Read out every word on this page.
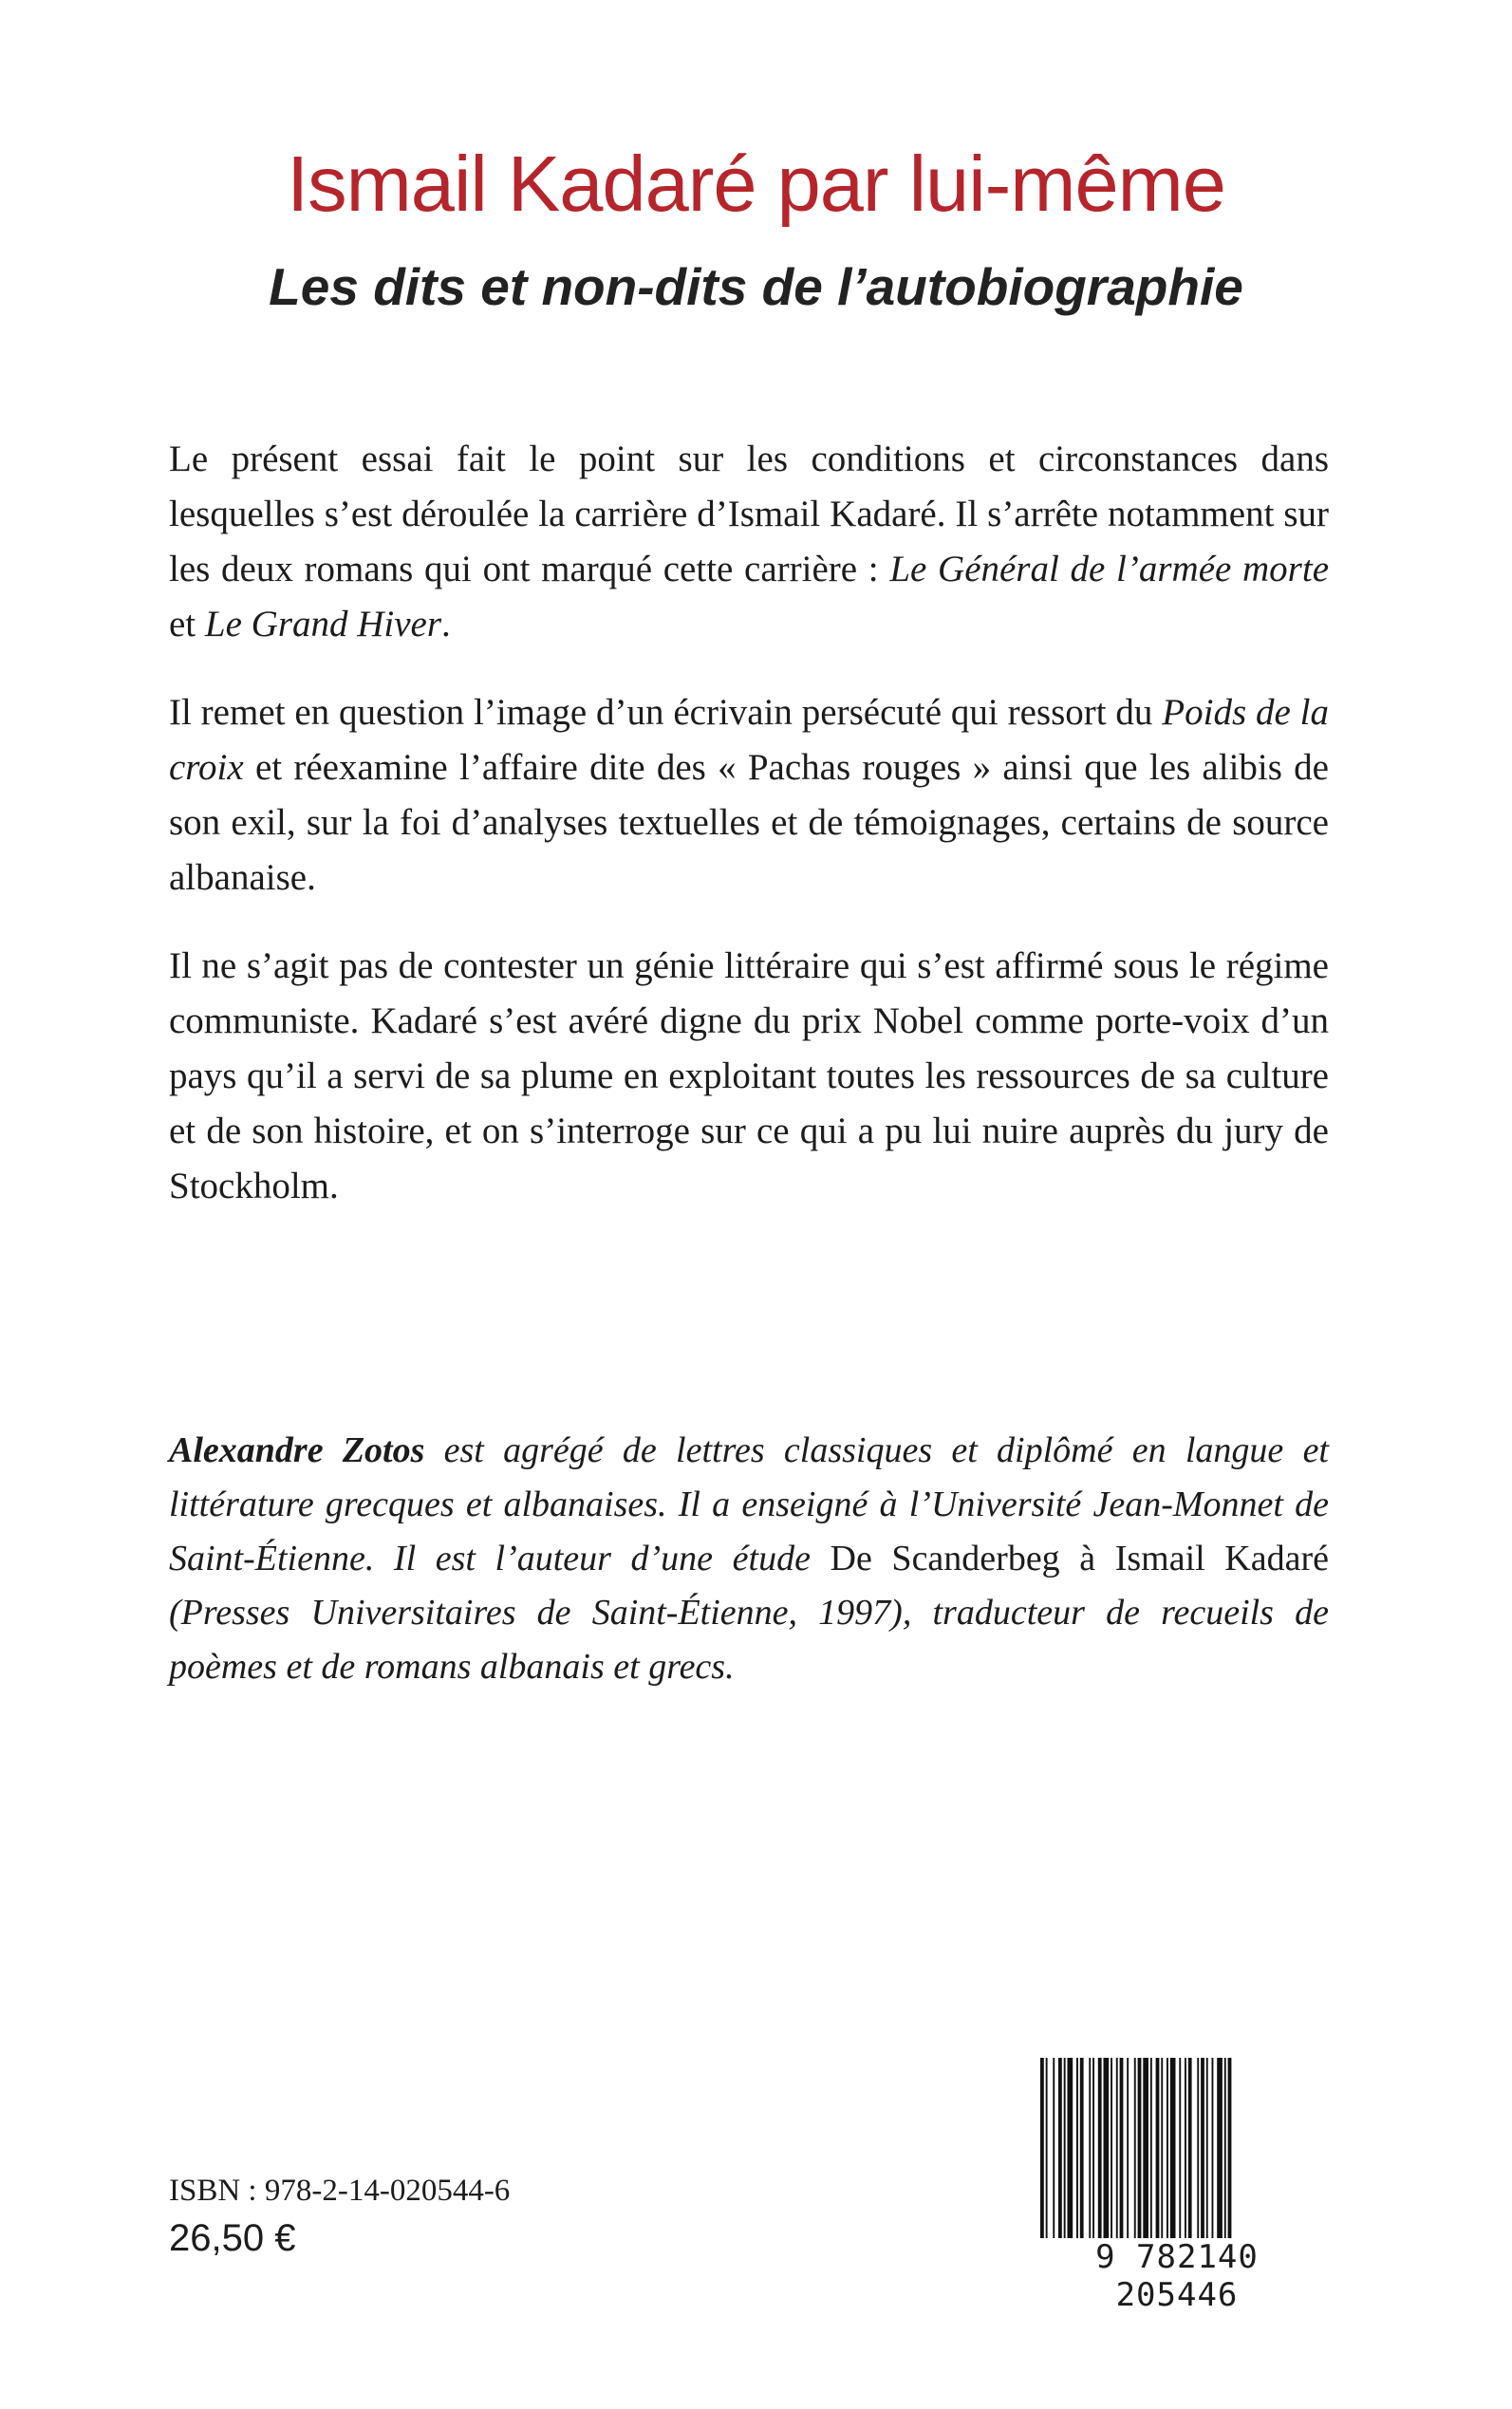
Ismail Kadaré par lui-même
Les dits et non-dits de l’autobiographie

Le présent essai fait le point sur les conditions et circonstances dans lesquelles s’est déroulée la carrière d’Ismail Kadaré. Il s’arrête notamment sur les deux romans qui ont marqué cette carrière : Le Général de l’armée morte et Le Grand Hiver.

Il remet en question l’image d’un écrivain persécuté qui ressort du Poids de la croix et réexamine l’affaire dite des « Pachas rouges » ainsi que les alibis de son exil, sur la foi d’analyses textuelles et de témoignages, certains de source albanaise.

Il ne s’agit pas de contester un génie littéraire qui s’est affirmé sous le régime communiste. Kadaré s’est avéré digne du prix Nobel comme porte-voix d’un pays qu’il a servi de sa plume en exploitant toutes les ressources de sa culture et de son histoire, et on s’interroge sur ce qui a pu lui nuire auprès du jury de Stockholm.

Alexandre Zotos est agrégé de lettres classiques et diplômé en langue et littérature grecques et albanaises. Il a enseigné à l’Université Jean-Monnet de Saint-Étienne. Il est l’auteur d’une étude De Scanderbeg à Ismail Kadaré (Presses Universitaires de Saint-Étienne, 1997), traducteur de recueils de poèmes et de romans albanais et grecs.

ISBN : 978-2-14-020544-6

26,50 €	9 782140 205446
